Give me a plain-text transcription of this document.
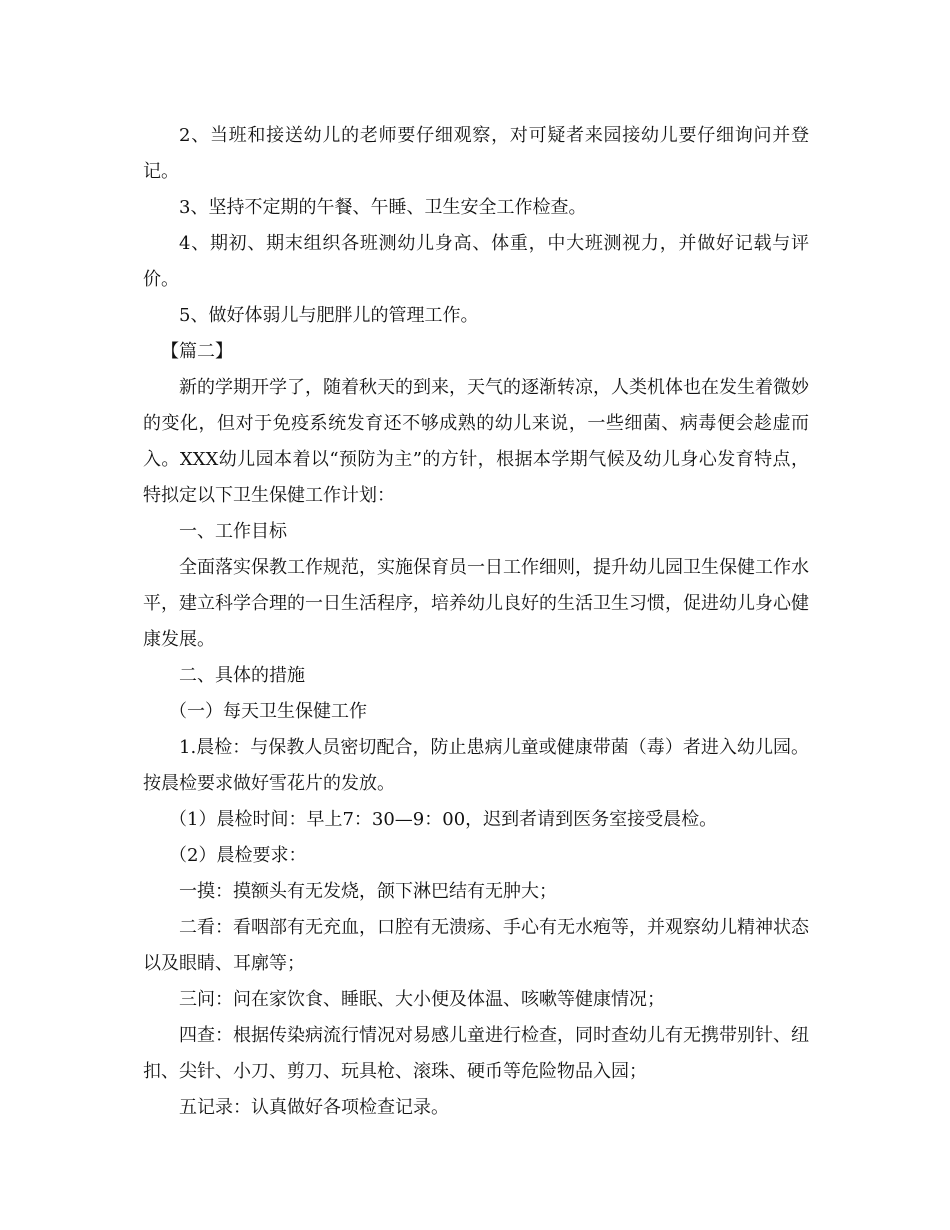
2、当班和接送幼儿的老师要仔细观察，对可疑者来园接幼儿要仔细询问并登记。

3、坚持不定期的午餐、午睡、卫生安全工作检查。

4、期初、期末组织各班测幼儿身高、体重，中大班测视力，并做好记载与评价。

5、做好体弱儿与肥胖儿的管理工作。

【篇二】

新的学期开学了，随着秋天的到来，天气的逐渐转凉，人类机体也在发生着微妙的变化，但对于免疫系统发育还不够成熟的幼儿来说，一些细菌、病毒便会趁虚而入。XXX幼儿园本着以“预防为主”的方针，根据本学期气候及幼儿身心发育特点，特拟定以下卫生保健工作计划：

一、工作目标

全面落实保教工作规范，实施保育员一日工作细则，提升幼儿园卫生保健工作水平，建立科学合理的一日生活程序，培养幼儿良好的生活卫生习惯，促进幼儿身心健康发展。

二、具体的措施

（一）每天卫生保健工作

1.晨检：与保教人员密切配合，防止患病儿童或健康带菌（毒）者进入幼儿园。按晨检要求做好雪花片的发放。

（1）晨检时间：早上7：30—9：00，迟到者请到医务室接受晨检。

（2）晨检要求：

一摸：摸额头有无发烧，颌下淋巴结有无肿大；

二看：看咽部有无充血，口腔有无溃疡、手心有无水疱等，并观察幼儿精神状态以及眼睛、耳廓等；

三问：问在家饮食、睡眠、大小便及体温、咳嗽等健康情况；

四查：根据传染病流行情况对易感儿童进行检查，同时查幼儿有无携带别针、纽扣、尖针、小刀、剪刀、玩具枪、滚珠、硬币等危险物品入园；

五记录：认真做好各项检查记录。
